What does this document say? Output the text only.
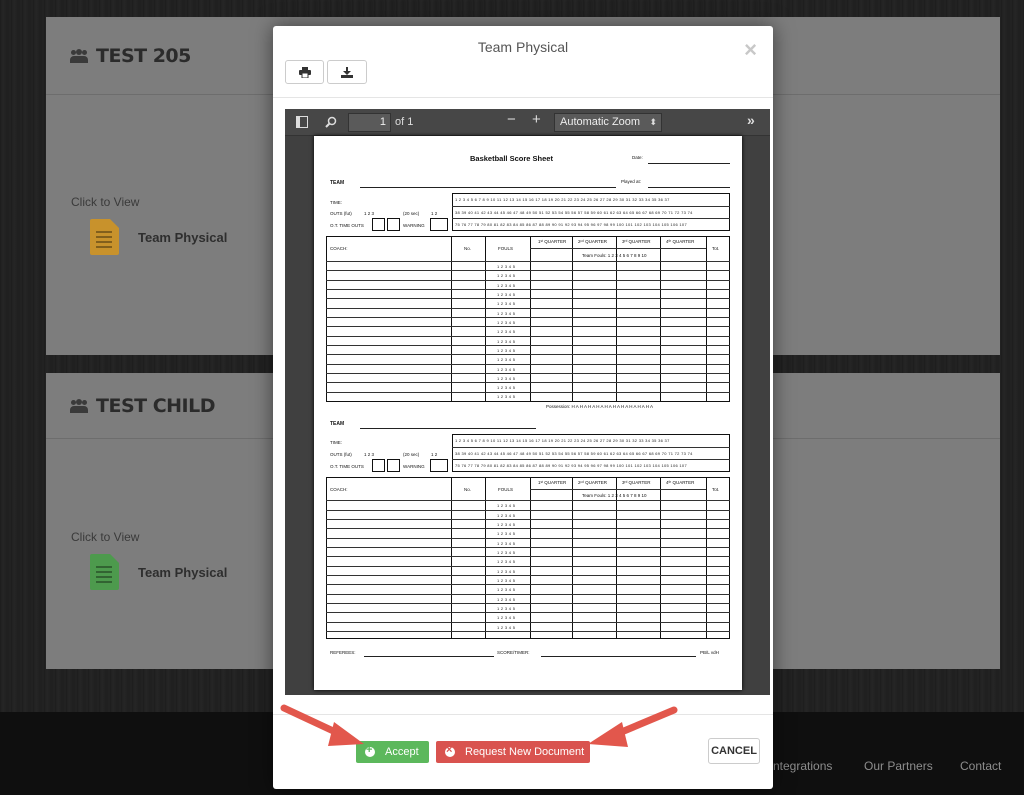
ntegrations	Our Partners Contact
TEST 205
Click to View
Team Physical
TEST CHILD
Click to View
Team Physical
Team Physical	×
1 of 1	− +	Automatic Zoom ⬍	»
Basketball Score Sheet	Date:
Played at:
TEAM
TIME:
OUTS (fut)	1 2 3	(20 sec)	1 2
O.T. TIME OUTS	WARNING
1 2 3 4 5 6 7 8 9 10 11 12 13 14 15 16 17 18 19 20 21 22 23 24 25 26 27 28 29 30 31 32 33 34 35 36 37
38 39 40 41 42 43 44 45 46 47 48 49 50 51 52 53 54 55 56 57 58 59 60 61 62 63 64 65 66 67 68 69 70 71 72 73 74
75 76 77 78 79 80 81 82 83 84 85 86 87 88 89 90 91 92 93 94 95 96 97 98 99 100 101 102 103 104 105 106 107
COACH:	No.	FOULS
1ˢᵗ QUARTER	2ⁿᵈ QUARTER	3ʳᵈ QUARTER	4ᵗʰ QUARTER
Tot.
Team Fouls: 1 2 3 4 5 6 7 8 9 10
1 2 3 4 5
1 2 3 4 5
1 2 3 4 5
1 2 3 4 5
1 2 3 4 5
1 2 3 4 5
1 2 3 4 5
1 2 3 4 5
1 2 3 4 5
1 2 3 4 5
1 2 3 4 5
1 2 3 4 5
1 2 3 4 5
1 2 3 4 5
1 2 3 4 5
Possession: H A H A H A H A H A H A H A H A H A H A
TEAM
TIME:
OUTS (fut)	1 2 3	(20 sec)	1 2
O.T. TIME OUTS	WARNING
1 2 3 4 5 6 7 8 9 10 11 12 13 14 15 16 17 18 19 20 21 22 23 24 25 26 27 28 29 30 31 32 33 34 35 36 37
38 39 40 41 42 43 44 45 46 47 48 49 50 51 52 53 54 55 56 57 58 59 60 61 62 63 64 65 66 67 68 69 70 71 72 73 74
75 76 77 78 79 80 81 82 83 84 85 86 87 88 89 90 91 92 93 94 95 96 97 98 99 100 101 102 103 104 105 106 107
COACH:	No.	FOULS
1ˢᵗ QUARTER	2ⁿᵈ QUARTER	3ʳᵈ QUARTER	4ᵗʰ QUARTER
Tot.
Team Fouls: 1 2 3 4 5 6 7 8 9 10
1 2 3 4 5
1 2 3 4 5
1 2 3 4 5
1 2 3 4 5
1 2 3 4 5
1 2 3 4 5
1 2 3 4 5
1 2 3 4 5
1 2 3 4 5
1 2 3 4 5
1 2 3 4 5
1 2 3 4 5
1 2 3 4 5
1 2 3 4 5
REFEREES:	SCORE/TIMER:	PB/L vdH
+
Accept
×	Request New Document	CANCEL
